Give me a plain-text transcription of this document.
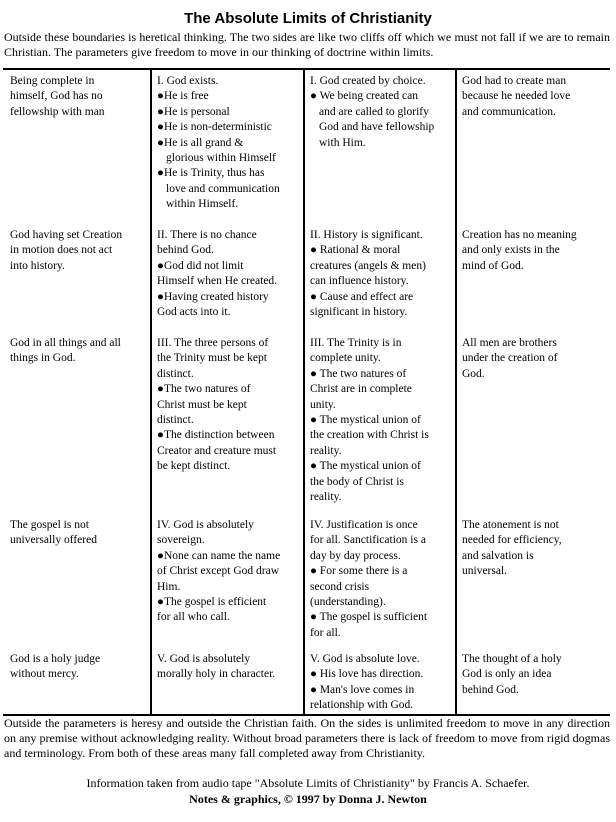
The Absolute Limits of Christianity
Outside these boundaries is heretical thinking. The two sides are like two cliffs off which we must not fall if we are to remain Christian. The parameters give freedom to move in our thinking of doctrine within limits.
Being complete in
himself, God has no
fellowship with man
I. God exists.
●He is free
●He is personal
●He is non-deterministic
●He is all grand &
glorious within Himself
●He is Trinity, thus has
love and communication
within Himself.
I. God created by choice.
● We being created can
and are called to glorify
God and have fellowship
with Him.
God had to create man
because he needed love
and communication.
God having set Creation
in motion does not act
into history.
II. There is no chance
behind God.
●God did not limit
Himself when He created.
●Having created history
God acts into it.
II. History is significant.
● Rational & moral
creatures (angels & men)
can influence history.
● Cause and effect are
significant in history.
Creation has no meaning
and only exists in the
mind of God.
God in all things and all
things in God.
III. The three persons of
the Trinity must be kept
distinct.
●The two natures of
Christ must be kept
distinct.
●The distinction between
Creator and creature must
be kept distinct.
III. The Trinity is in
complete unity.
● The two natures of
Christ are in complete
unity.
● The mystical union of
the creation with Christ is
reality.
● The mystical union of
the body of Christ is
reality.
All men are brothers
under the creation of
God.
The gospel is not
universally offered
IV. God is absolutely
sovereign.
●None can name the name
of Christ except God draw
Him.
●The gospel is efficient
for all who call.
IV. Justification is once
for all. Sanctification is a
day by day process.
● For some there is a
second crisis
(understanding).
● The gospel is sufficient
for all.
The atonement is not
needed for efficiency,
and salvation is
universal.
God is a holy judge
without mercy.
V. God is absolutely
morally holy in character.
V. God is absolute love.
● His love has direction.
● Man's love comes in
relationship with God.
The thought of a holy
God is only an idea
behind God.
Outside the parameters is heresy and outside the Christian faith. On the sides is unlimited freedom to move in any direction on any premise without acknowledging reality. Without broad parameters there is lack of freedom to move from rigid dogmas and terminology. From both of these areas many fall completed away from Christianity.
Information taken from audio tape "Absolute Limits of Christianity" by Francis A. Schaefer.
Notes & graphics, © 1997 by Donna J. Newton
